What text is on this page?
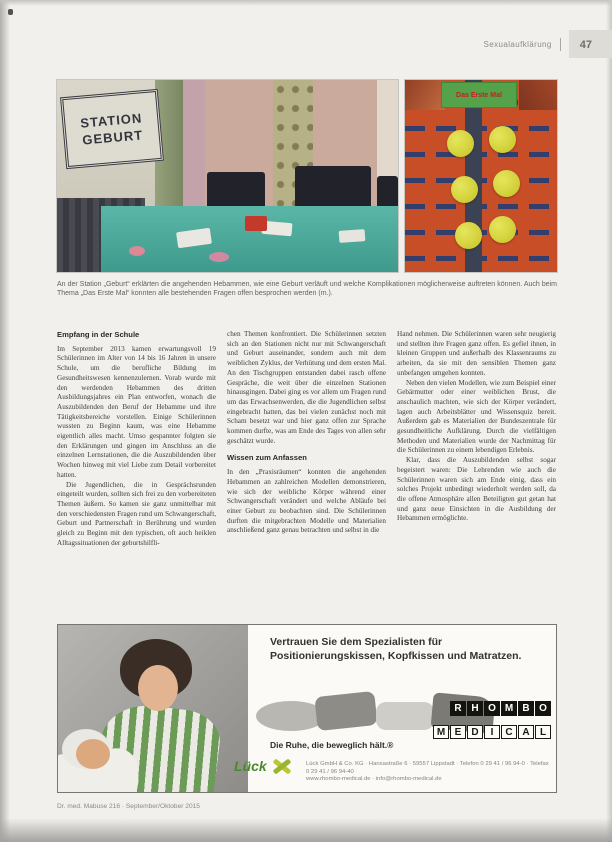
Sexualaufklärung	47
STATION
GEBURT
Das Erste Mal
An der Station „Geburt“ erklärten die angehenden Hebammen, wie eine Geburt verläuft und welche Komplikationen möglicherweise auftreten können. Auch beim Thema „Das Erste Mal“ konnten alle bestehenden Fragen offen besprochen werden (m.).
Empfang in der Schule

Im September 2013 kamen erwartungsvoll 19 Schülerinnen im Alter von 14 bis 16 Jahren in unsere Schule, um die berufliche Bildung im Gesundheitswesen kennenzulernen. Vorab wurde mit den werdenden Hebammen des dritten Ausbildungsjahres ein Plan entworfen, wonach die Auszubildenden den Beruf der Hebamme und ihre Tätigkeitsbereiche vorstellen. Einige Schülerinnen wussten zu Beginn kaum, was eine Hebamme eigentlich alles macht. Umso gespannter folgten sie den Erklärungen und gingen im Anschluss an die einzelnen Lernstationen, die die Auszubildenden über Wochen hinweg mit viel Liebe zum Detail vorbereitet hatten.

Die Jugendlichen, die in Gesprächsrunden eingeteilt wurden, sollten sich frei zu den vorbereiteten Themen äußern. So kamen sie ganz unmittelbar mit den verschiedensten Fragen rund um Schwangerschaft, Geburt und Partnerschaft in Berührung und wurden gleich zu Beginn mit den typischen, oft auch heiklen Alltagssituationen der geburtshilfli-

chen Themen konfrontiert. Die Schülerinnen setzten sich an den Stationen nicht nur mit Schwangerschaft und Geburt auseinander, sondern auch mit dem weiblichen Zyklus, der Verhütung und dem ersten Mal. An den Tischgruppen entstanden dabei rasch offene Gespräche, die weit über die einzelnen Stationen hinausgingen. Dabei ging es vor allem um Fragen rund um das Erwachsenwerden, die die Jugendlichen selbst eingebracht hatten, das bei vielen zunächst noch mit Scham besetzt war und hier ganz offen zur Sprache kommen durfte, was am Ende des Tages von allen sehr geschätzt wurde.

Wissen zum Anfassen

In den „Praxisräumen“ konnten die angehenden Hebammen an zahlreichen Modellen demonstrieren, wie sich der weibliche Körper während einer Schwangerschaft verändert und welche Abläufe bei einer Geburt zu beobachten sind. Die Schülerinnen durften die mitgebrachten Modelle und Materialien anschließend ganz genau betrachten und selbst in die

Hand nehmen. Die Schülerinnen waren sehr neugierig und stellten ihre Fragen ganz offen. Es gefiel ihnen, in kleinen Gruppen und außerhalb des Klassenraums zu arbeiten, da sie mit den sensiblen Themen ganz unbefangen umgehen konnten.

Neben den vielen Modellen, wie zum Beispiel einer Gebärmutter oder einer weiblichen Brust, die anschaulich machten, wie sich der Körper verändert, lagen auch Arbeitsblätter und Wissensquiz bereit. Außerdem gab es Materialien der Bundeszentrale für gesundheitliche Aufklärung. Durch die vielfältigen Methoden und Materialien wurde der Nachmittag für die Schülerinnen zu einem lebendigen Erlebnis.

Klar, dass die Auszubildenden selbst sogar begeistert waren: Die Lehrenden wie auch die Schülerinnen waren sich am Ende einig, dass ein solches Projekt unbedingt wiederholt werden soll, da die offene Atmosphäre allen Beteiligten gut getan hat und ganz neue Einsichten in die Ausbildung der Hebammen ermöglichte.

Vertrauen Sie dem Spezialisten für Positionierungskissen, Kopfkissen und Matratzen.
R H O M B O
M E	D	I	C A	L
Die Ruhe, die beweglich hält.®
Lück	Lück GmbH & Co. KG · Hansastraße 6 · 59557 Lippstadt · Telefon 0 29 41 / 96 94-0 · Telefax 0 29 41 / 96 94-40
www.rhombo-medical.de · info@rhombo-medical.de
Dr. med. Mabuse 216 · September/Oktober 2015
